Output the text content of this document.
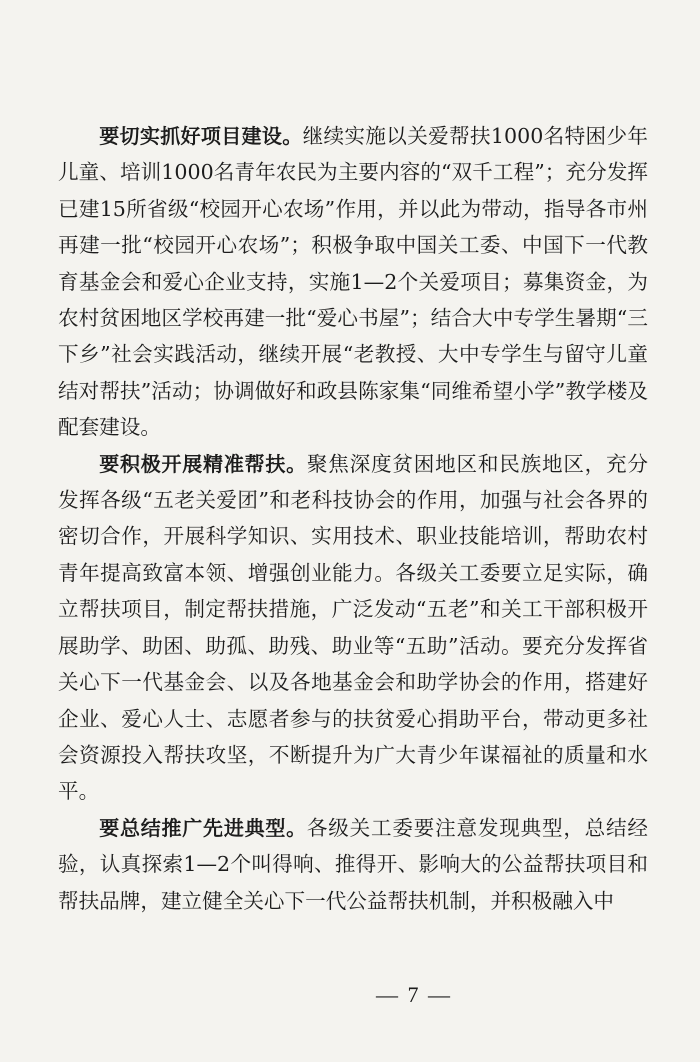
要切实抓好项目建设。继续实施以关爱帮扶1000名特困少年儿童、培训1000名青年农民为主要内容的“双千工程”；充分发挥已建15所省级“校园开心农场”作用，并以此为带动，指导各市州再建一批“校园开心农场”；积极争取中国关工委、中国下一代教育基金会和爱心企业支持，实施1—2个关爱项目；募集资金，为农村贫困地区学校再建一批“爱心书屋”；结合大中专学生暑期“三下乡”社会实践活动，继续开展“老教授、大中专学生与留守儿童结对帮扶”活动；协调做好和政县陈家集“同维希望小学”教学楼及配套建设。

要积极开展精准帮扶。聚焦深度贫困地区和民族地区，充分发挥各级“五老关爱团”和老科技协会的作用，加强与社会各界的密切合作，开展科学知识、实用技术、职业技能培训，帮助农村青年提高致富本领、增强创业能力。各级关工委要立足实际，确立帮扶项目，制定帮扶措施，广泛发动“五老”和关工干部积极开展助学、助困、助孤、助残、助业等“五助”活动。要充分发挥省关心下一代基金会、以及各地基金会和助学协会的作用，搭建好企业、爱心人士、志愿者参与的扶贫爱心捐助平台，带动更多社会资源投入帮扶攻坚，不断提升为广大青少年谋福祉的质量和水平。

要总结推广先进典型。各级关工委要注意发现典型，总结经验，认真探索1—2个叫得响、推得开、影响大的公益帮扶项目和帮扶品牌，建立健全关心下一代公益帮扶机制，并积极融入中

— 7 —
